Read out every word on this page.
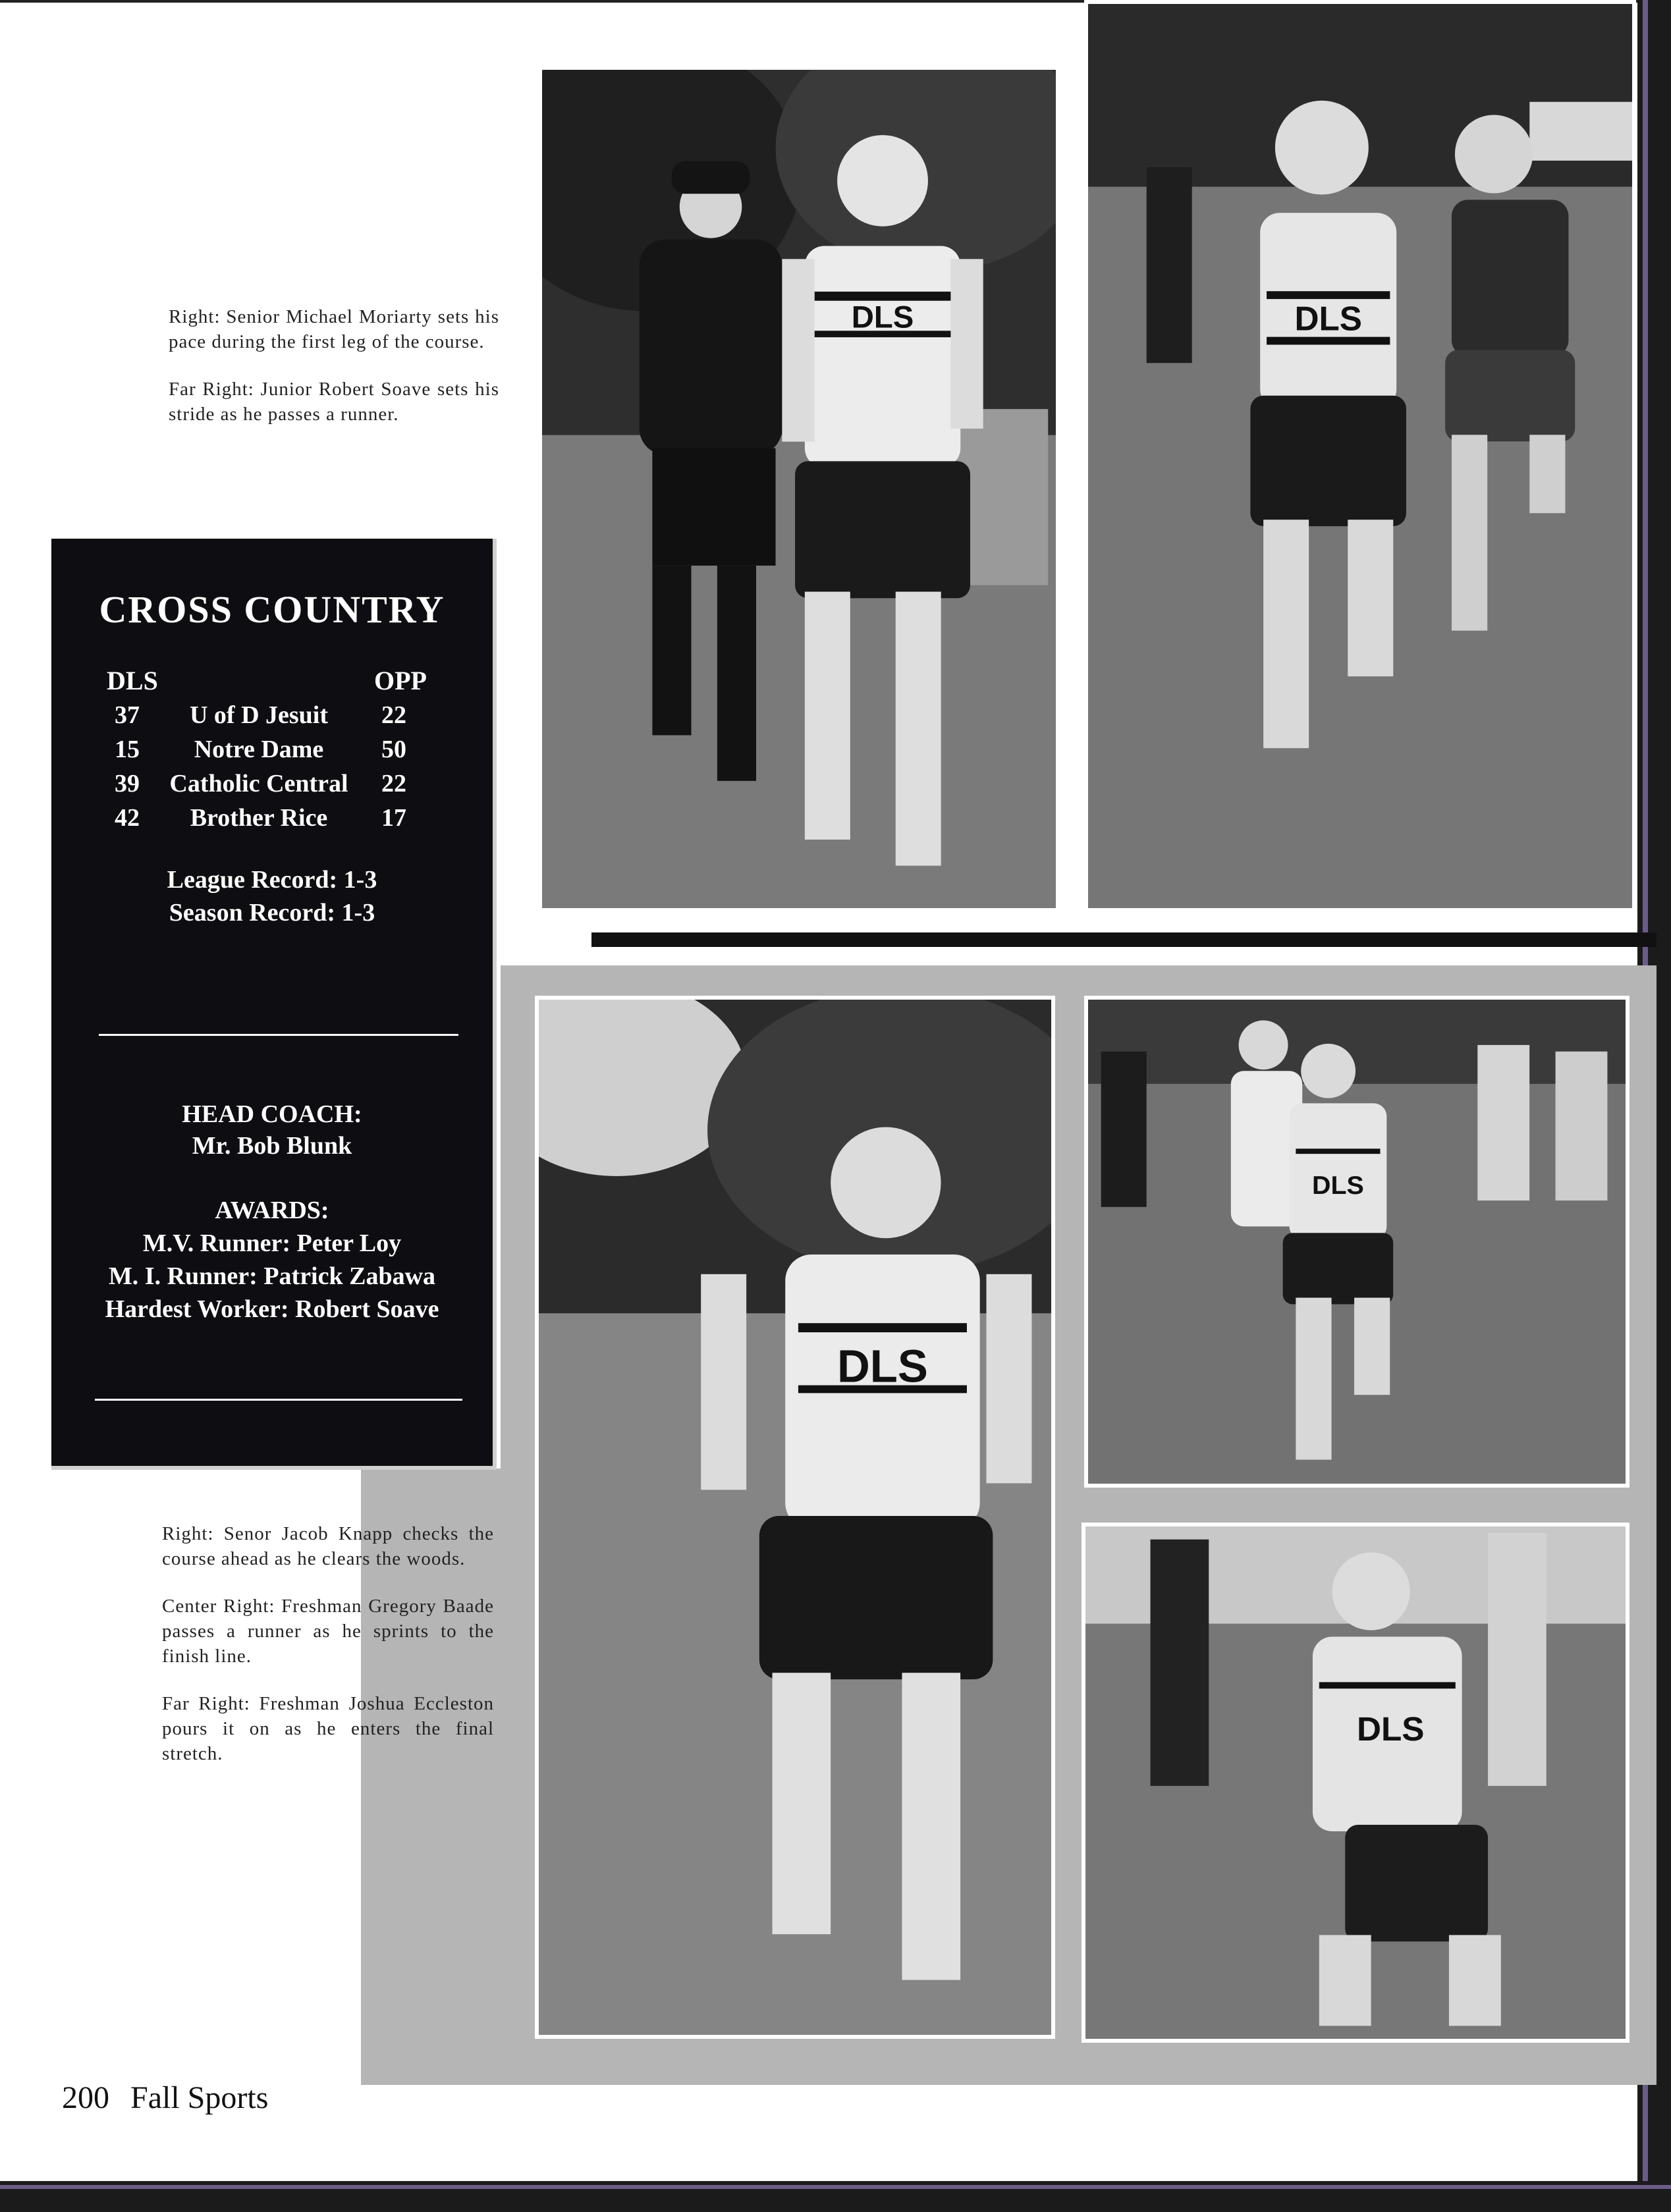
Right: Senior Michael Moriarty sets his pace during the first leg of the course.

Far Right: Junior Robert Soave sets his stride as he passes a runner.

DLS	DLS
CROSS COUNTRY
DLS	OPP
37	U of D Jesuit	22
15	Notre Dame	50
39	Catholic Central	22
42	Brother Rice	17
League Record: 1-3
Season Record: 1-3
HEAD COACH:
Mr. Bob Blunk
AWARDS:
M.V. Runner: Peter Loy
M. I. Runner: Patrick Zabawa
Hardest Worker: Robert Soave

Right: Senor Jacob Knapp checks the course ahead as he clears the woods.

Center Right: Freshman Gregory Baade passes a runner as he sprints to the finish line.

Far Right: Freshman Joshua Eccleston pours it on as he enters the final stretch.

DLS
DLS
DLS
200 Fall Sports
